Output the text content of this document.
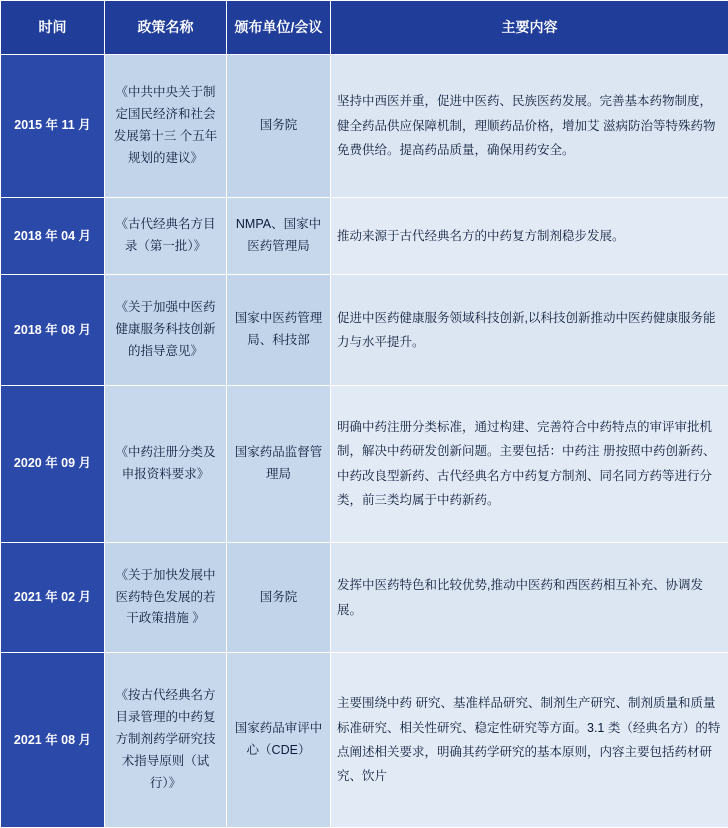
时间	政策名称	颁布单位/会议	主要内容
2015 年 11 月	《中共中央关于制定国民经济和社会发展第十三 个五年规划的建议》	国务院	坚持中西医并重，促进中医药、民族医药发展。完善基本药物制度，健全药品供应保障机制，理顺药品价格，增加艾 滋病防治等特殊药物免费供给。提高药品质量，确保用药安全。
2018 年 04 月	《古代经典名方目录（第一批）》	NMPA、国家中医药管理局	推动来源于古代经典名方的中药复方制剂稳步发展。
2018 年 08 月	《关于加强中医药健康服务科技创新的指导意见》	国家中医药管理局、科技部	促进中医药健康服务领域科技创新,以科技创新推动中医药健康服务能力与水平提升。
2020 年 09 月	《中药注册分类及申报资料要求》	国家药品监督管理局	明确中药注册分类标准，通过构建、完善符合中药特点的审评审批机制，解决中药研发创新问题。主要包括：中药注 册按照中药创新药、中药改良型新药、古代经典名方中药复方制剂、同名同方药等进行分类，前三类均属于中药新药。
2021 年 02 月	《关于加快发展中医药特色发展的若干政策措施 》	国务院	发挥中医药特色和比较优势,推动中医药和西医药相互补充、协调发展。
2021 年 08 月	《按古代经典名方目录管理的中药复方制剂药学研究技术指导原则（试行）》	国家药品审评中心（CDE）	主要围绕中药 研究、基准样品研究、制剂生产研究、制剂质量和质量标准研究、相关性研究、稳定性研究等方面。3.1 类（经典名方）的特点阐述相关要求，明确其药学研究的基本原则，内容主要包括药材研究、饮片
